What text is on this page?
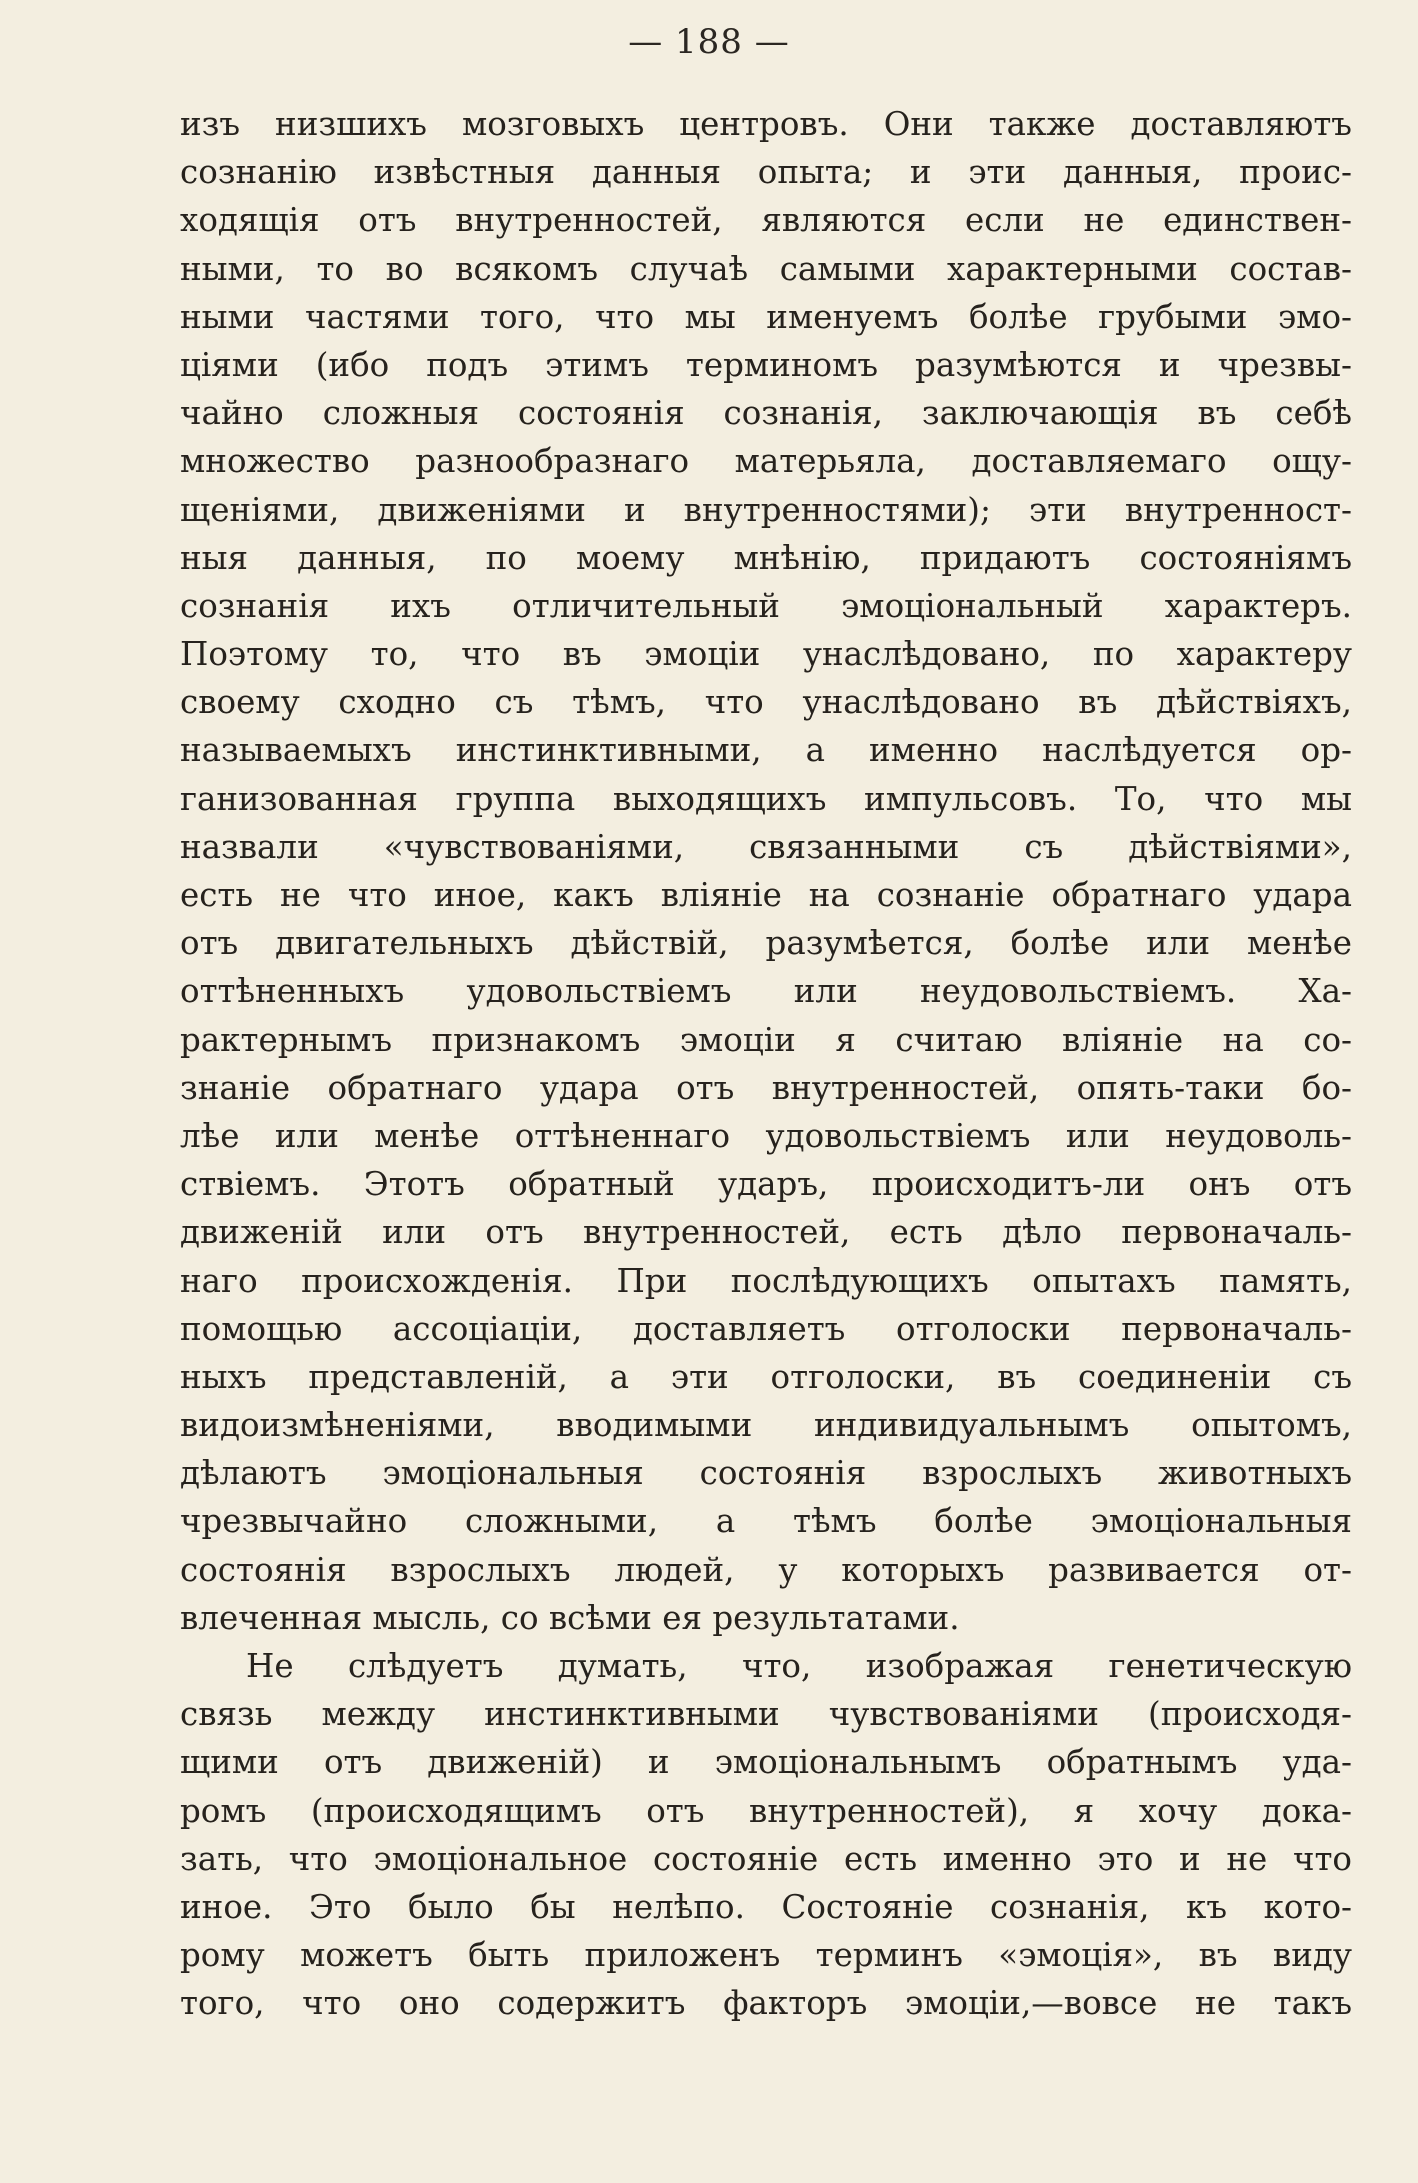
— 188 —
изъ низшихъ мозговыхъ центровъ. Они также доставляютъ
сознанію извѣстныя данныя опыта; и эти данныя, проис-
ходящія отъ внутренностей, являются если не единствен-
ными, то во всякомъ случаѣ самыми характерными состав-
ными частями того, что мы именуемъ болѣе грубыми эмо-
ціями (ибо подъ этимъ терминомъ разумѣются и чрезвы-
чайно сложныя состоянія сознанія, заключающія въ себѣ
множество разнообразнаго матерьяла, доставляемаго ощу-
щеніями, движеніями и внутренностями); эти внутренност-
ныя данныя, по моему мнѣнію, придаютъ состояніямъ
сознанія ихъ отличительный эмоціональный характеръ.
Поэтому то, что въ эмоціи унаслѣдовано, по характеру
своему сходно съ тѣмъ, что унаслѣдовано въ дѣйствіяхъ,
называемыхъ инстинктивными, а именно наслѣдуется ор-
ганизованная группа выходящихъ импульсовъ. То, что мы
назвали «чувствованіями, связанными съ дѣйствіями»,
есть не что иное, какъ вліяніе на сознаніе обратнаго удара
отъ двигательныхъ дѣйствій, разумѣется, болѣе или менѣе
оттѣненныхъ удовольствіемъ или неудовольствіемъ. Ха-
рактернымъ признакомъ эмоціи я считаю вліяніе на со-
знаніе обратнаго удара отъ внутренностей, опять-таки бо-
лѣе или менѣе оттѣненнаго удовольствіемъ или неудоволь-
ствіемъ. Этотъ обратный ударъ, происходитъ-ли онъ отъ
движеній или отъ внутренностей, есть дѣло первоначаль-
наго происхожденія. При послѣдующихъ опытахъ память,
помощью ассоціаціи, доставляетъ отголоски первоначаль-
ныхъ представленій, а эти отголоски, въ соединеніи съ
видоизмѣненіями, вводимыми индивидуальнымъ опытомъ,
дѣлаютъ эмоціональныя состоянія взрослыхъ животныхъ
чрезвычайно сложными, а тѣмъ болѣе эмоціональныя
состоянія взрослыхъ людей, у которыхъ развивается от-
влеченная мысль, со всѣми ея результатами.
Не слѣдуетъ думать, что, изображая генетическую
связь между инстинктивными чувствованіями (происходя-
щими отъ движеній) и эмоціональнымъ обратнымъ уда-
ромъ (происходящимъ отъ внутренностей), я хочу дока-
зать, что эмоціональное состояніе есть именно это и не что
иное. Это было бы нелѣпо. Состояніе сознанія, къ кото-
рому можетъ быть приложенъ терминъ «эмоція», въ виду
того, что оно содержитъ факторъ эмоціи,—вовсе не такъ
